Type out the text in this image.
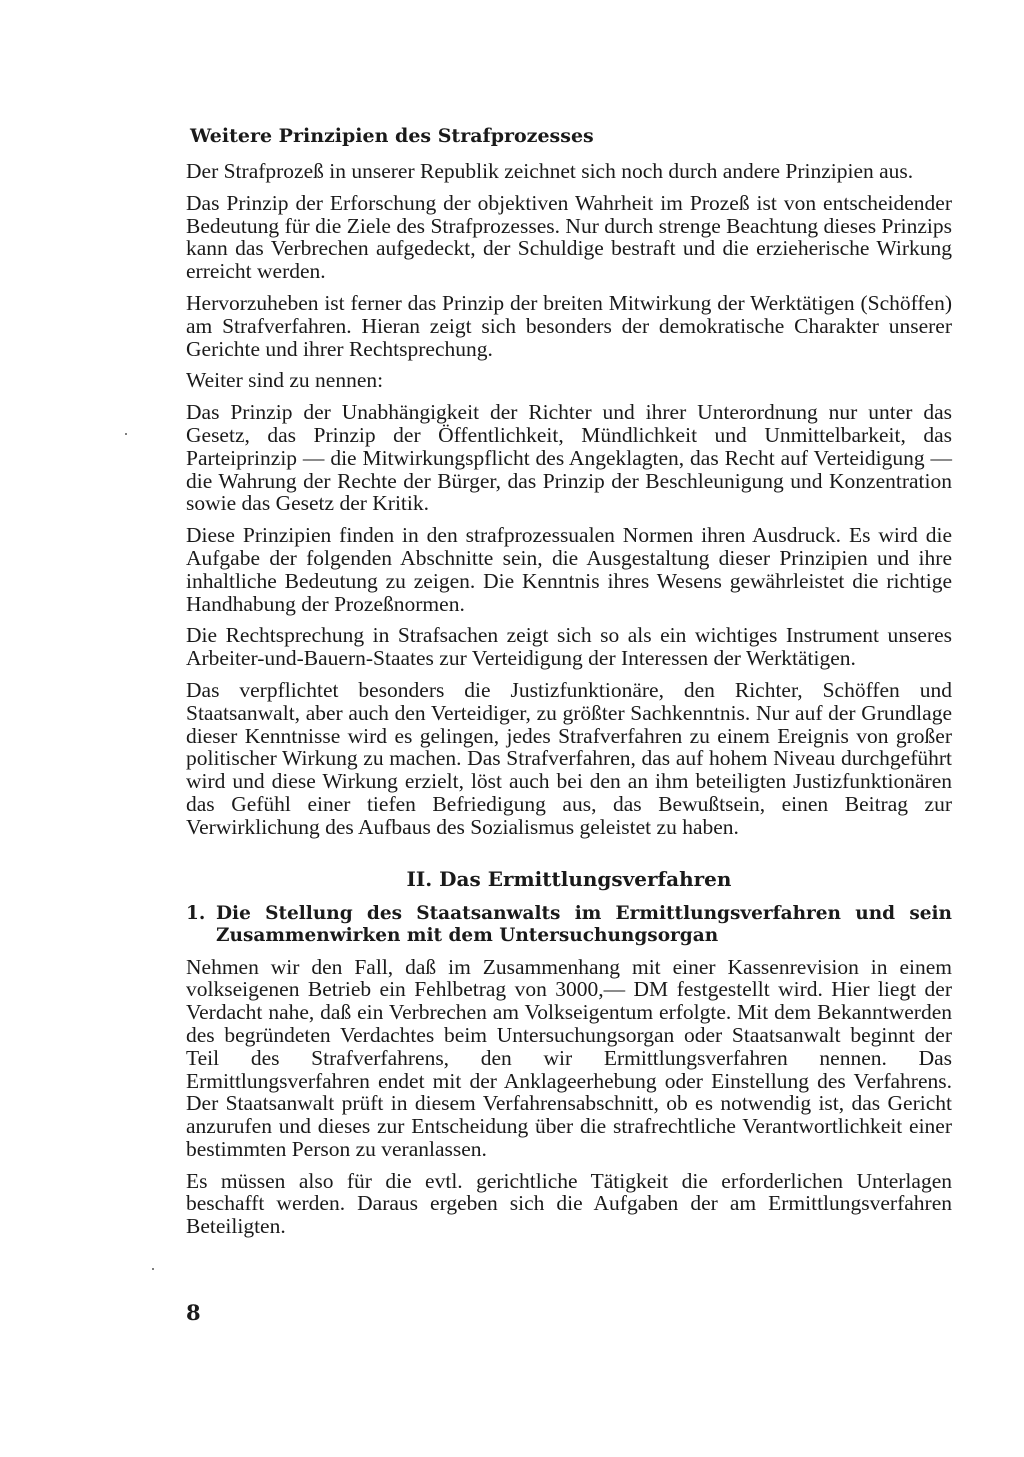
Weitere Prinzipien des Strafprozesses

Der Strafprozeß in unserer Republik zeichnet sich noch durch andere Prinzipien aus.

Das Prinzip der Erforschung der objektiven Wahrheit im Prozeß ist von entscheidender Bedeutung für die Ziele des Strafprozesses. Nur durch strenge Beachtung dieses Prinzips kann das Verbrechen aufgedeckt, der Schuldige bestraft und die erzieherische Wirkung erreicht werden.

Hervorzuheben ist ferner das Prinzip der breiten Mitwirkung der Werktätigen (Schöffen) am Strafverfahren. Hieran zeigt sich besonders der demokratische Charakter unserer Gerichte und ihrer Rechtsprechung.

Weiter sind zu nennen:

Das Prinzip der Unabhängigkeit der Richter und ihrer Unterordnung nur unter das Gesetz, das Prinzip der Öffentlichkeit, Mündlichkeit und Unmittelbarkeit, das Parteiprinzip — die Mitwirkungspflicht des Angeklagten, das Recht auf Verteidigung — die Wahrung der Rechte der Bürger, das Prinzip der Beschleunigung und Konzentration sowie das Gesetz der Kritik.

Diese Prinzipien finden in den strafprozessualen Normen ihren Ausdruck. Es wird die Aufgabe der folgenden Abschnitte sein, die Ausgestaltung dieser Prinzipien und ihre inhaltliche Bedeutung zu zeigen. Die Kenntnis ihres Wesens gewährleistet die richtige Handhabung der Prozeßnormen.

Die Rechtsprechung in Strafsachen zeigt sich so als ein wichtiges Instrument unseres Arbeiter-und-Bauern-Staates zur Verteidigung der Interessen der Werktätigen.

Das verpflichtet besonders die Justizfunktionäre, den Richter, Schöffen und Staatsanwalt, aber auch den Verteidiger, zu größter Sachkenntnis. Nur auf der Grundlage dieser Kenntnisse wird es gelingen, jedes Strafverfahren zu einem Ereignis von großer politischer Wirkung zu machen. Das Strafverfahren, das auf hohem Niveau durchgeführt wird und diese Wirkung erzielt, löst auch bei den an ihm beteiligten Justizfunktionären das Gefühl einer tiefen Befriedigung aus, das Bewußtsein, einen Beitrag zur Verwirklichung des Aufbaus des Sozialismus geleistet zu haben.

II. Das Ermittlungsverfahren
1. Die Stellung des Staatsanwalts im Ermittlungsverfahren und sein Zusammenwirken mit dem Untersuchungsorgan

Nehmen wir den Fall, daß im Zusammenhang mit einer Kassenrevision in einem volkseigenen Betrieb ein Fehlbetrag von 3000,— DM festgestellt wird. Hier liegt der Verdacht nahe, daß ein Verbrechen am Volkseigentum erfolgte. Mit dem Bekanntwerden des begründeten Verdachtes beim Untersuchungsorgan oder Staatsanwalt beginnt der Teil des Strafverfahrens, den wir Ermittlungsverfahren nennen. Das Ermittlungsverfahren endet mit der Anklageerhebung oder Einstellung des Verfahrens. Der Staatsanwalt prüft in diesem Verfahrensabschnitt, ob es notwendig ist, das Gericht anzurufen und dieses zur Entscheidung über die strafrechtliche Verantwortlichkeit einer bestimmten Person zu veranlassen.

Es müssen also für die evtl. gerichtliche Tätigkeit die erforderlichen Unterlagen beschafft werden. Daraus ergeben sich die Aufgaben der am Ermittlungsverfahren Beteiligten.

8
